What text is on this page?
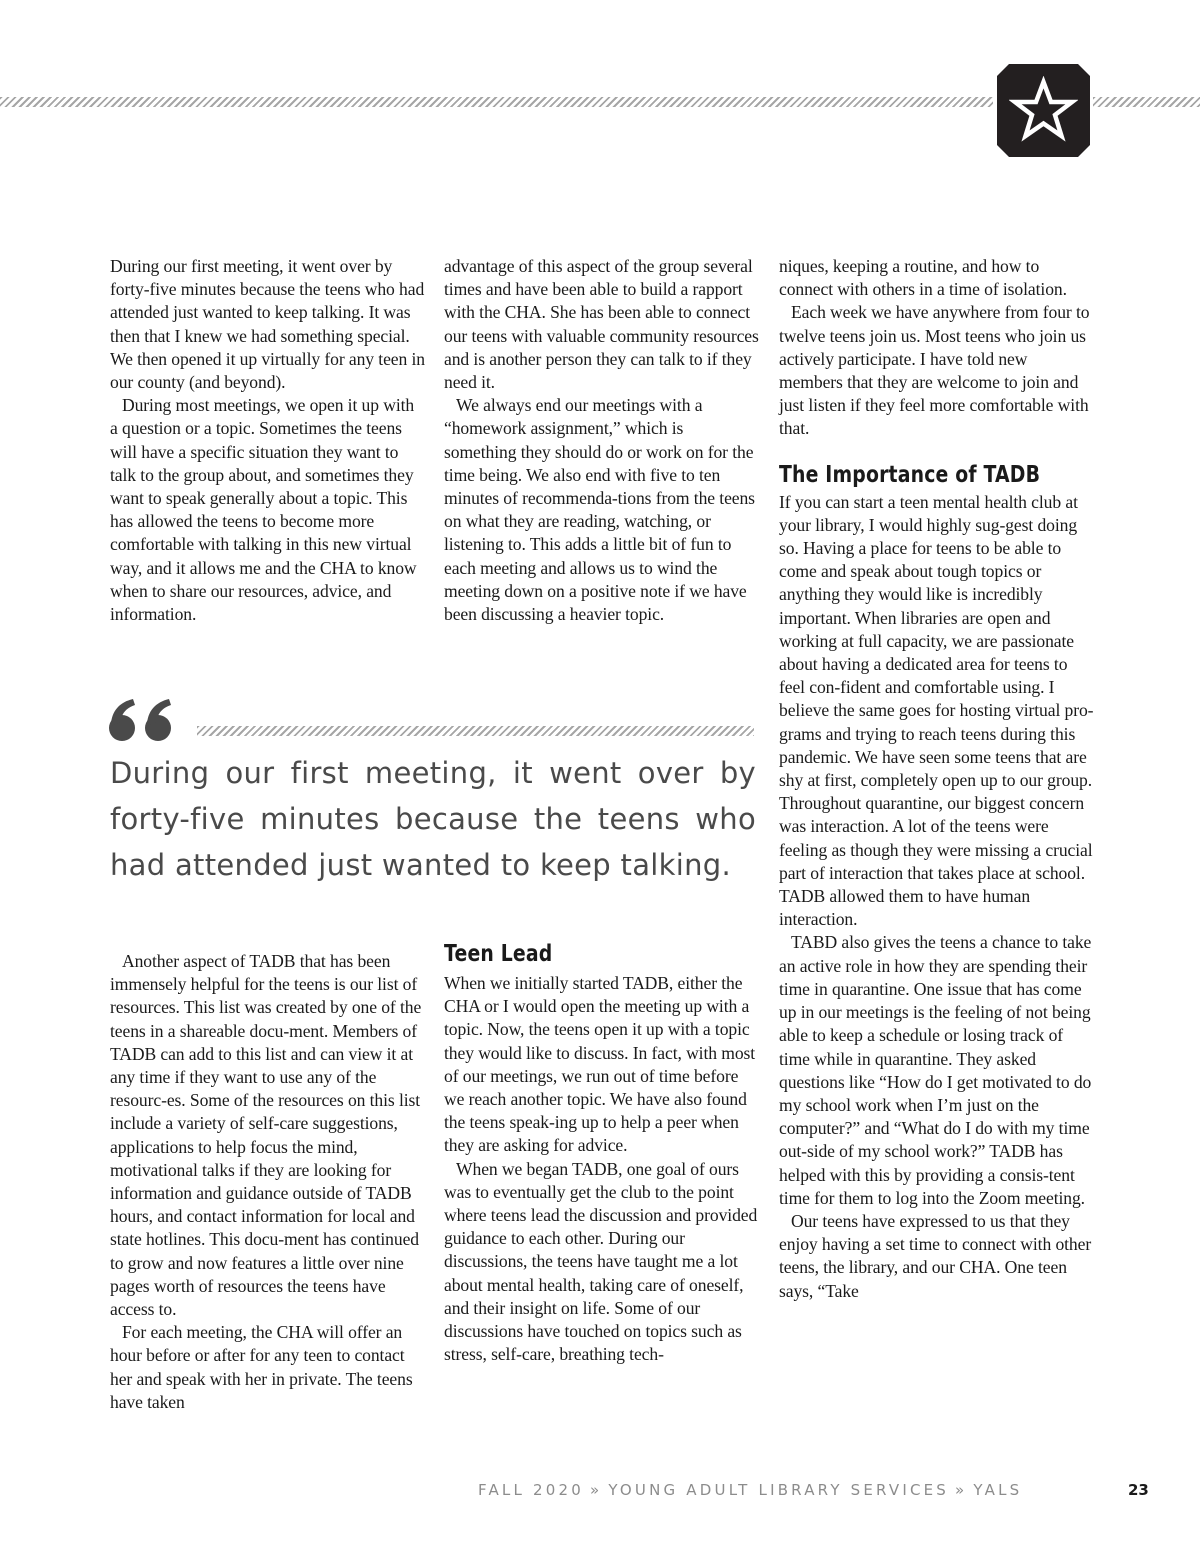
During our first meeting, it went over by forty-five minutes because the teens who had attended just wanted to keep talking. It was then that I knew we had something special. We then opened it up virtually for any teen in our county (and beyond).

During most meetings, we open it up with a question or a topic. Sometimes the teens will have a specific situation they want to talk to the group about, and sometimes they want to speak generally about a topic. This has allowed the teens to become more comfortable with talking in this new virtual way, and it allows me and the CHA to know when to share our resources, advice, and information.

advantage of this aspect of the group several times and have been able to build a rapport with the CHA. She has been able to connect our teens with valuable community resources and is another person they can talk to if they need it.

We always end our meetings with a “homework assignment,” which is something they should do or work on for the time being. We also end with five to ten minutes of recommenda-tions from the teens on what they are reading, watching, or listening to. This adds a little bit of fun to each meeting and allows us to wind the meeting down on a positive note if we have been discussing a heavier topic.

niques, keeping a routine, and how to connect with others in a time of isolation.

Each week we have anywhere from four to twelve teens join us. Most teens who join us actively participate. I have told new members that they are welcome to join and just listen if they feel more comfortable with that.

The Importance of TADB

If you can start a teen mental health club at your library, I would highly sug-gest doing so. Having a place for teens to be able to come and speak about tough topics or anything they would like is incredibly important. When libraries are open and working at full capacity, we are passionate about having a dedicated area for teens to feel con-fident and comfortable using. I believe the same goes for hosting virtual pro-grams and trying to reach teens during this pandemic. We have seen some teens that are shy at first, completely open up to our group. Throughout quarantine, our biggest concern was interaction. A lot of the teens were feeling as though they were missing a crucial part of interaction that takes place at school. TADB allowed them to have human interaction.

TABD also gives the teens a chance to take an active role in how they are spending their time in quarantine. One issue that has come up in our meetings is the feeling of not being able to keep a schedule or losing track of time while in quarantine. They asked questions like “How do I get motivated to do my school work when I’m just on the computer?” and “What do I do with my time out-side of my school work?” TADB has helped with this by providing a consis-tent time for them to log into the Zoom meeting.

Our teens have expressed to us that they enjoy having a set time to connect with other teens, the library, and our CHA. One teen says, “Take

During our first meeting, it went over by forty-five minutes because the teens who had attended just wanted to keep talking.

Another aspect of TADB that has been immensely helpful for the teens is our list of resources. This list was created by one of the teens in a shareable docu-ment. Members of TADB can add to this list and can view it at any time if they want to use any of the resourc-es. Some of the resources on this list include a variety of self-care suggestions, applications to help focus the mind, motivational talks if they are looking for information and guidance outside of TADB hours, and contact information for local and state hotlines. This docu-ment has continued to grow and now features a little over nine pages worth of resources the teens have access to.

For each meeting, the CHA will offer an hour before or after for any teen to contact her and speak with her in private. The teens have taken

Teen Lead

When we initially started TADB, either the CHA or I would open the meeting up with a topic. Now, the teens open it up with a topic they would like to discuss. In fact, with most of our meetings, we run out of time before we reach another topic. We have also found the teens speak-ing up to help a peer when they are asking for advice.

When we began TADB, one goal of ours was to eventually get the club to the point where teens lead the discussion and provided guidance to each other. During our discussions, the teens have taught me a lot about mental health, taking care of oneself, and their insight on life. Some of our discussions have touched on topics such as stress, self-care, breathing tech-

FALL 2020 » YOUNG ADULT LIBRARY SERVICES » YALS	23
